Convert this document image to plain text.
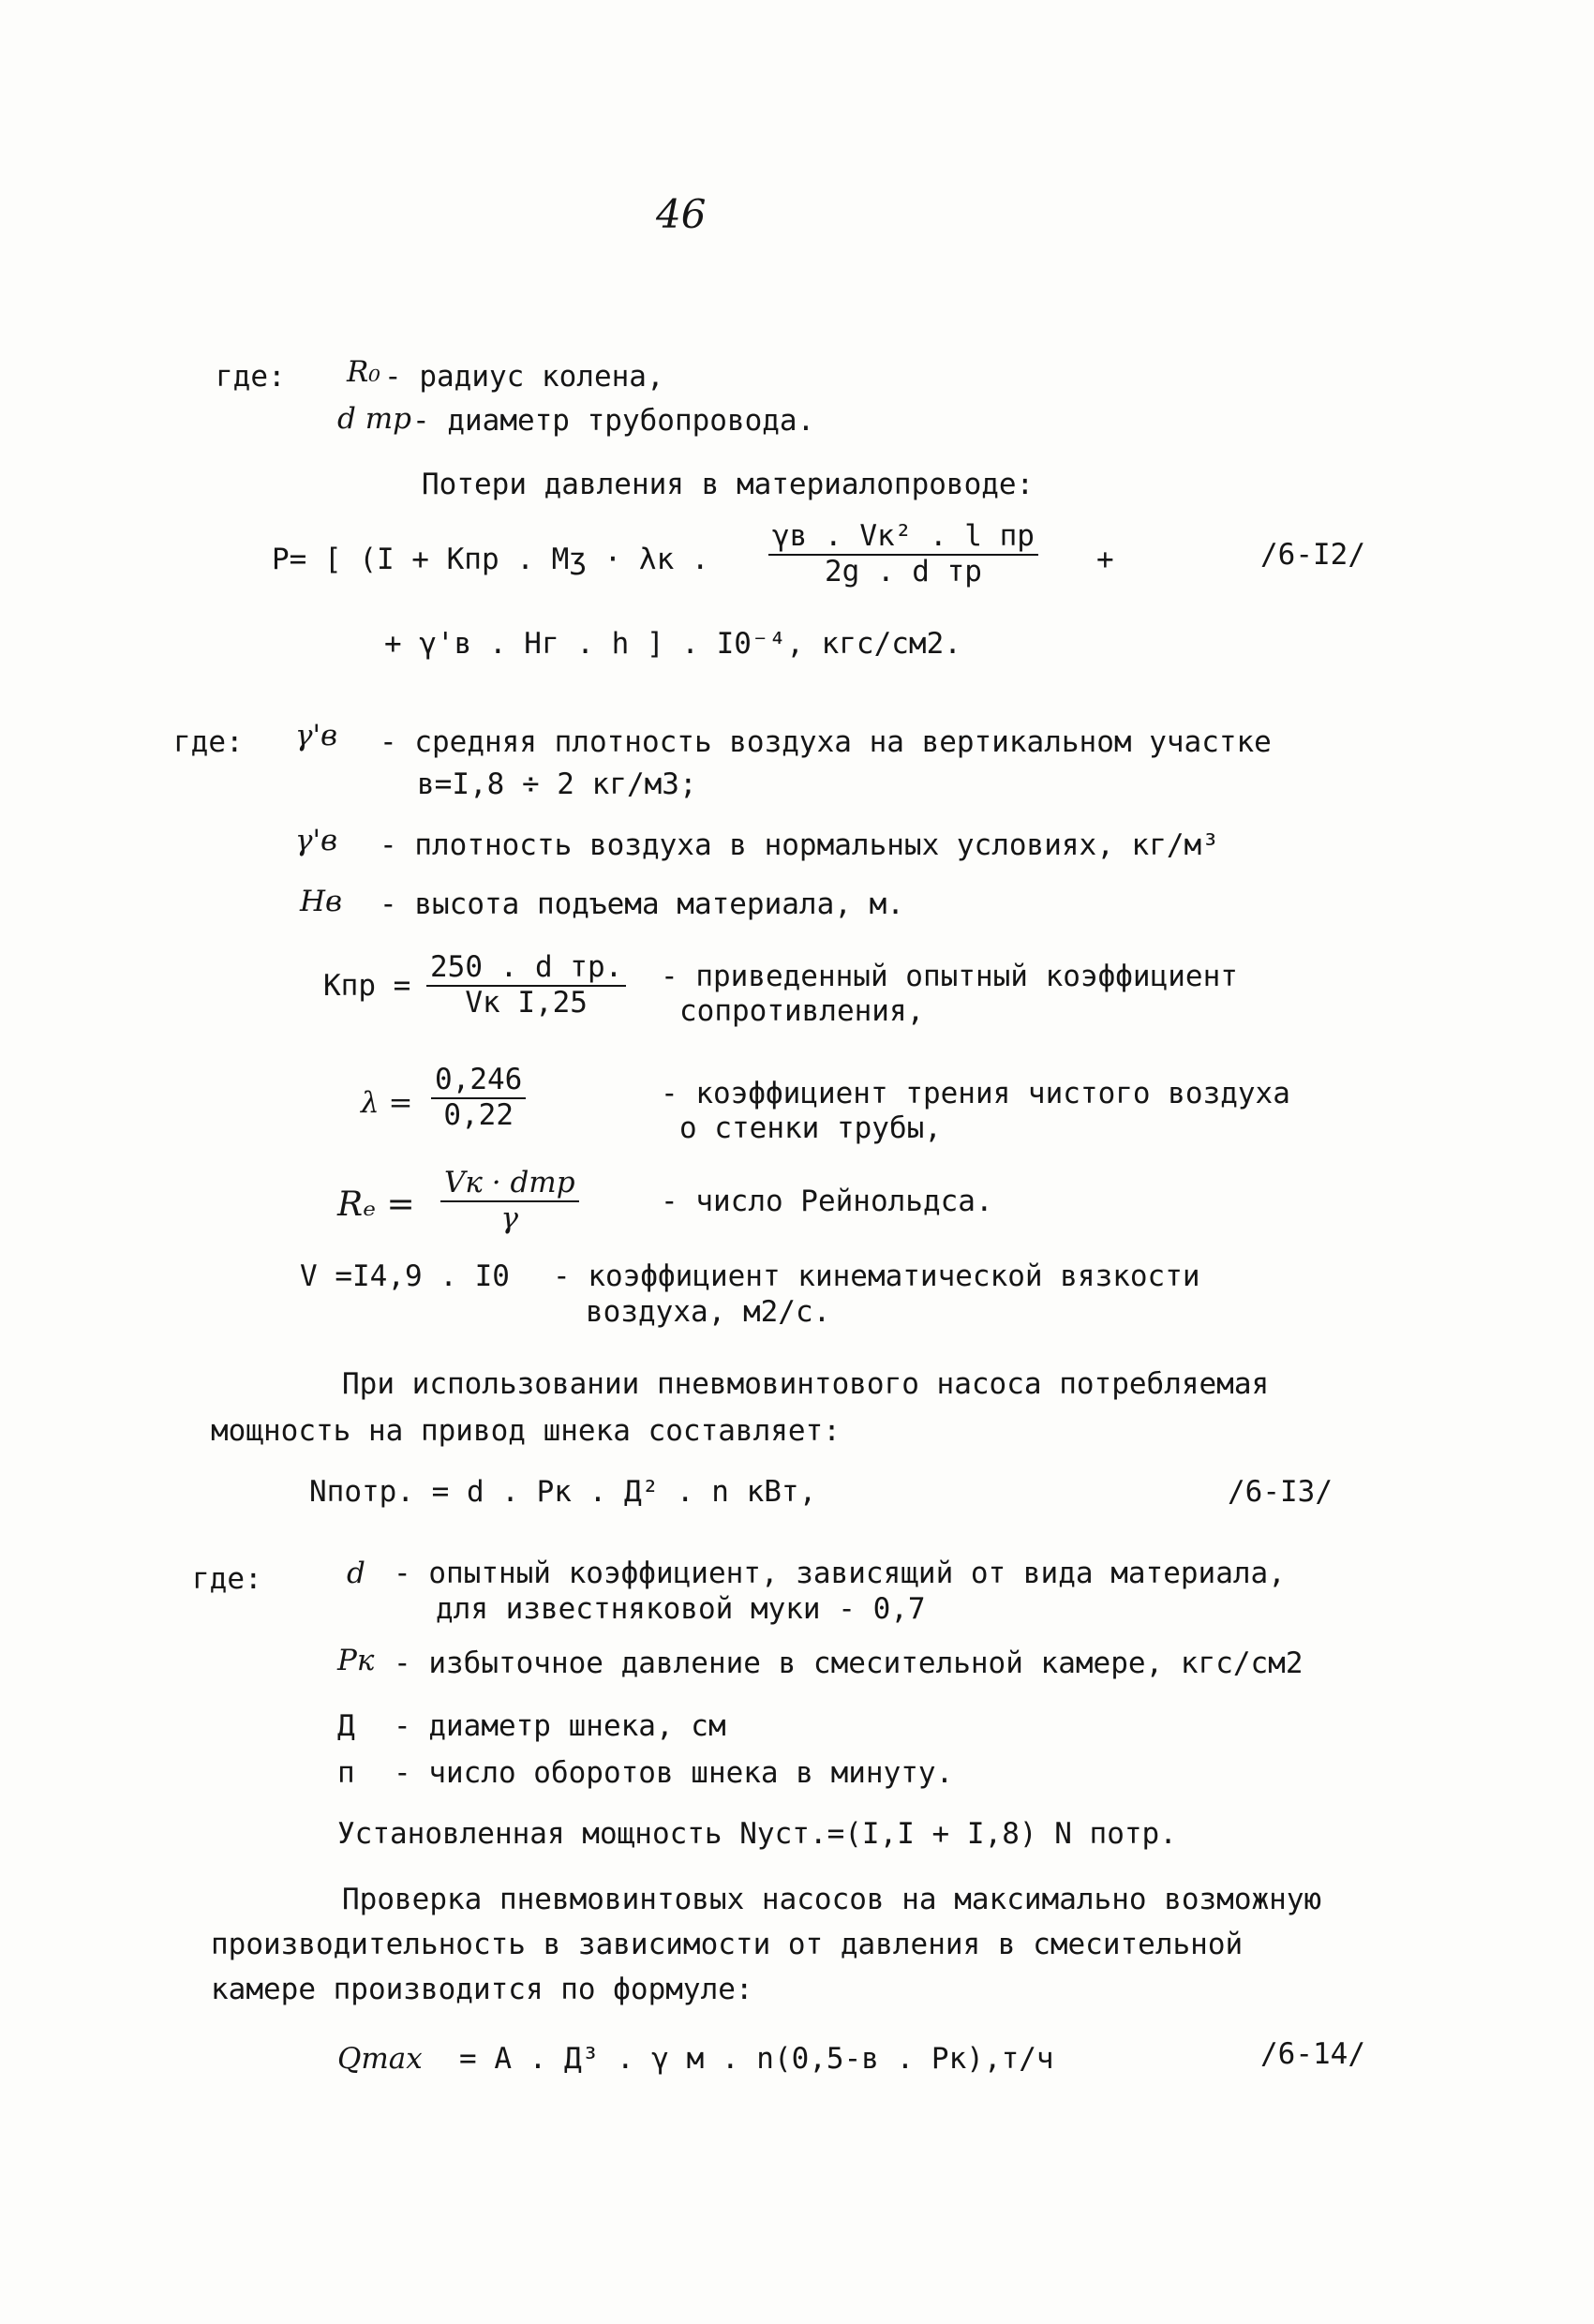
46
где: R₀ - радиус колена,
d тр - диаметр трубопровода.
Потери давления в материалопроводе:
P= [ (I + Kпр . Mʒ · λк .
γв . Vк² . l пр
2g . d тр	+	/6-I2/
+ γ'в . Hг . h ] . I0⁻⁴, кгс/см2.
где: γ'в - средняя плотность воздуха на вертикальном участке
в=I,8 ÷ 2 кг/м3;
γ'в - плотность воздуха в нормальных условиях, кг/м³
Hв - высота подъема материала, м.
Кпр =
250 . d тр.
Vк I,25
- приведенный опытный коэффициент
сопротивления,
$\lambda = \frac{0,246}{0,22}$	- коэффициент трения чистого воздуха
о стенки трубы,
Rₑ =
Vк · dтр
γ	- число Рейнольдса.
V =I4,9 . I0 - коэффициент кинематической вязкости
воздуха, м2/с.
При использовании пневмовинтового насоса потребляемая
мощность на привод шнека составляет:
Nпотр. = d . Рк . Д² . n кВт,	/6-I3/
где:	d - опытный коэффициент, зависящий от вида материала,
для известняковой муки - 0,7
Рк - избыточное давление в смесительной камере, кгс/см2
Д - диаметр шнека, см
п - число оборотов шнека в минуту.
Установленная мощность Nуст.=(I,I + I,8) N потр.
Проверка пневмовинтовых насосов на максимально возможную
производительность в зависимости от давления в смесительной
камере производится по формуле:
Qmax = A . Д³ . γ м . n(0,5-в . Рк),т/ч	/6-14/
